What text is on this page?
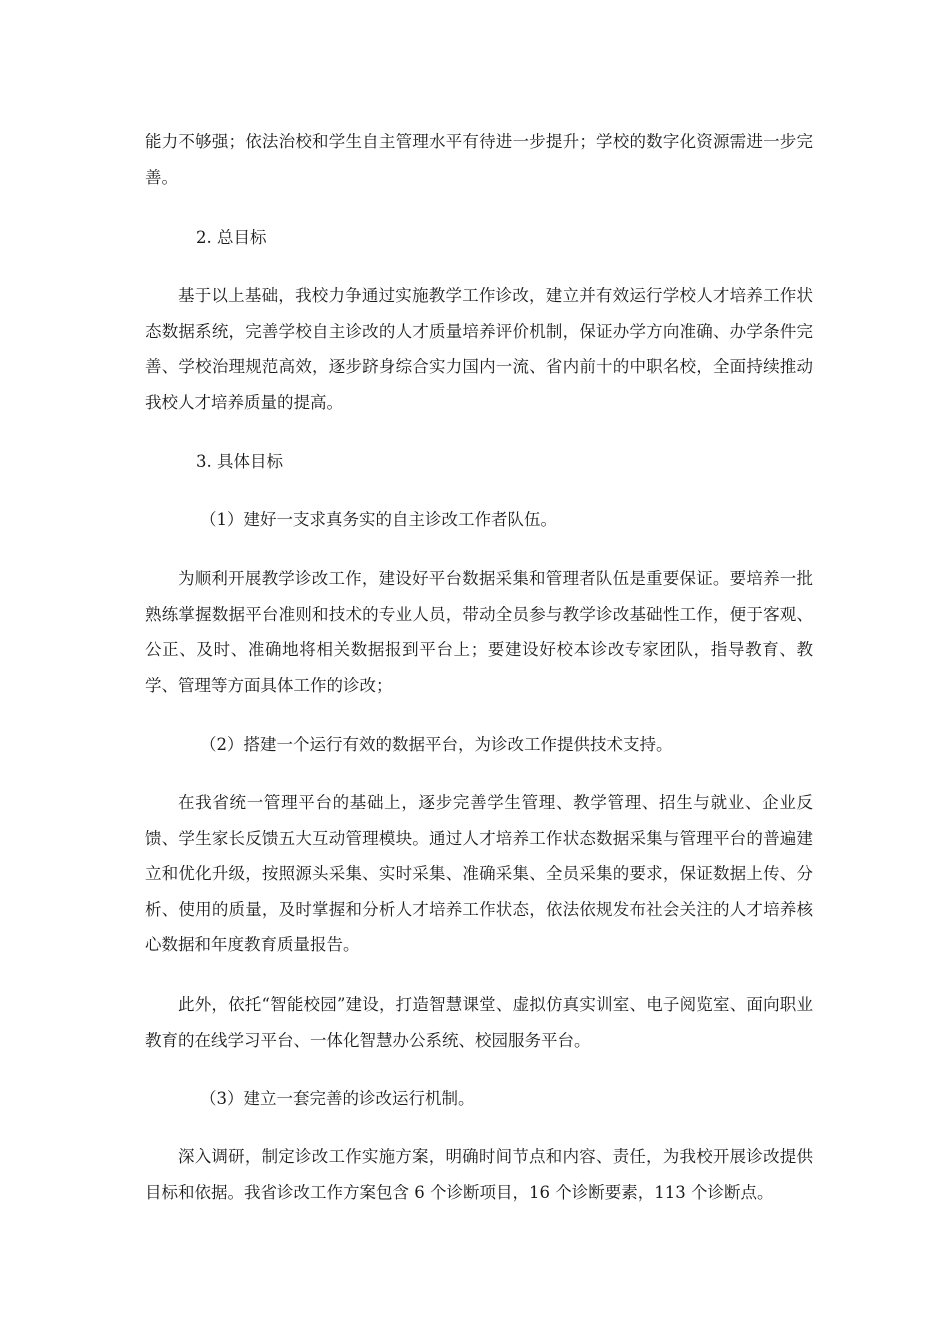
能力不够强；依法治校和学生自主管理水平有待进一步提升；学校的数字化资源需进一步完善。

2. 总目标

基于以上基础，我校力争通过实施教学工作诊改，建立并有效运行学校人才培养工作状态数据系统，完善学校自主诊改的人才质量培养评价机制，保证办学方向准确、办学条件完善、学校治理规范高效，逐步跻身综合实力国内一流、省内前十的中职名校，全面持续推动我校人才培养质量的提高。

3. 具体目标

（1）建好一支求真务实的自主诊改工作者队伍。

为顺利开展教学诊改工作，建设好平台数据采集和管理者队伍是重要保证。要培养一批熟练掌握数据平台准则和技术的专业人员，带动全员参与教学诊改基础性工作，便于客观、公正、及时、准确地将相关数据报到平台上；要建设好校本诊改专家团队，指导教育、教学、管理等方面具体工作的诊改；

（2）搭建一个运行有效的数据平台，为诊改工作提供技术支持。

在我省统一管理平台的基础上，逐步完善学生管理、教学管理、招生与就业、企业反馈、学生家长反馈五大互动管理模块。通过人才培养工作状态数据采集与管理平台的普遍建立和优化升级，按照源头采集、实时采集、准确采集、全员采集的要求，保证数据上传、分析、使用的质量，及时掌握和分析人才培养工作状态，依法依规发布社会关注的人才培养核心数据和年度教育质量报告。

此外，依托“智能校园”建设，打造智慧课堂、虚拟仿真实训室、电子阅览室、面向职业教育的在线学习平台、一体化智慧办公系统、校园服务平台。

（3）建立一套完善的诊改运行机制。

深入调研，制定诊改工作实施方案，明确时间节点和内容、责任，为我校开展诊改提供目标和依据。我省诊改工作方案包含 6 个诊断项目，16 个诊断要素，113 个诊断点。
